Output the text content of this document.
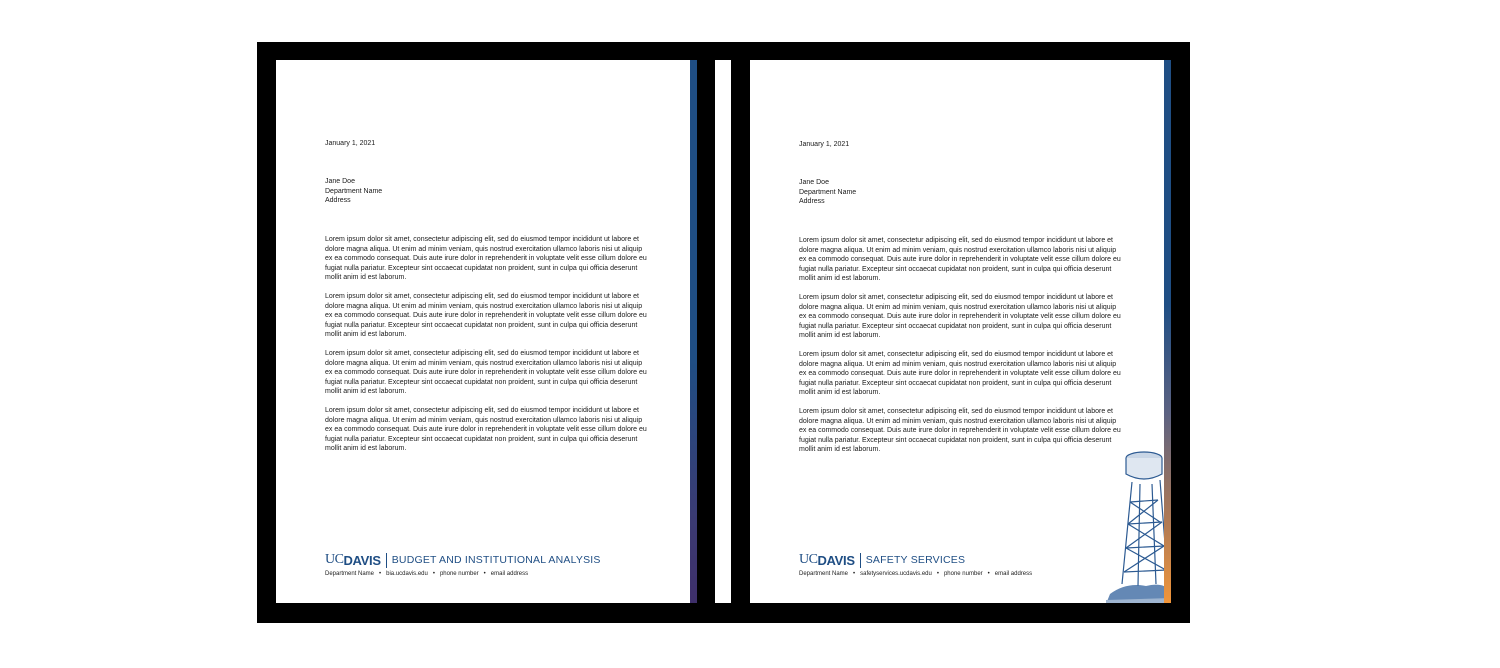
January 1, 2021
Jane Doe
Department Name
Address
Lorem ipsum dolor sit amet, consectetur adipiscing elit, sed do eiusmod tempor incididunt ut labore et dolore magna aliqua. Ut enim ad minim veniam, quis nostrud exercitation ullamco laboris nisi ut aliquip ex ea commodo consequat. Duis aute irure dolor in reprehenderit in voluptate velit esse cillum dolore eu fugiat nulla pariatur. Excepteur sint occaecat cupidatat non proident, sunt in culpa qui officia deserunt mollit anim id est laborum.
Lorem ipsum dolor sit amet, consectetur adipiscing elit, sed do eiusmod tempor incididunt ut labore et dolore magna aliqua. Ut enim ad minim veniam, quis nostrud exercitation ullamco laboris nisi ut aliquip ex ea commodo consequat. Duis aute irure dolor in reprehenderit in voluptate velit esse cillum dolore eu fugiat nulla pariatur. Excepteur sint occaecat cupidatat non proident, sunt in culpa qui officia deserunt mollit anim id est laborum.
Lorem ipsum dolor sit amet, consectetur adipiscing elit, sed do eiusmod tempor incididunt ut labore et dolore magna aliqua. Ut enim ad minim veniam, quis nostrud exercitation ullamco laboris nisi ut aliquip ex ea commodo consequat. Duis aute irure dolor in reprehenderit in voluptate velit esse cillum dolore eu fugiat nulla pariatur. Excepteur sint occaecat cupidatat non proident, sunt in culpa qui officia deserunt mollit anim id est laborum.
Lorem ipsum dolor sit amet, consectetur adipiscing elit, sed do eiusmod tempor incididunt ut labore et dolore magna aliqua. Ut enim ad minim veniam, quis nostrud exercitation ullamco laboris nisi ut aliquip ex ea commodo consequat. Duis aute irure dolor in reprehenderit in voluptate velit esse cillum dolore eu fugiat nulla pariatur. Excepteur sint occaecat cupidatat non proident, sunt in culpa qui officia deserunt mollit anim id est laborum.
UC DAVIS BUDGET AND INSTITUTIONAL ANALYSIS
Department Name • bia.ucdavis.edu • phone number • email address
January 1, 2021
Jane Doe
Department Name
Address
Lorem ipsum dolor sit amet, consectetur adipiscing elit, sed do eiusmod tempor incididunt ut labore et dolore magna aliqua. Ut enim ad minim veniam, quis nostrud exercitation ullamco laboris nisi ut aliquip ex ea commodo consequat. Duis aute irure dolor in reprehenderit in voluptate velit esse cillum dolore eu fugiat nulla pariatur. Excepteur sint occaecat cupidatat non proident, sunt in culpa qui officia deserunt mollit anim id est laborum.
Lorem ipsum dolor sit amet, consectetur adipiscing elit, sed do eiusmod tempor incididunt ut labore et dolore magna aliqua. Ut enim ad minim veniam, quis nostrud exercitation ullamco laboris nisi ut aliquip ex ea commodo consequat. Duis aute irure dolor in reprehenderit in voluptate velit esse cillum dolore eu fugiat nulla pariatur. Excepteur sint occaecat cupidatat non proident, sunt in culpa qui officia deserunt mollit anim id est laborum.
Lorem ipsum dolor sit amet, consectetur adipiscing elit, sed do eiusmod tempor incididunt ut labore et dolore magna aliqua. Ut enim ad minim veniam, quis nostrud exercitation ullamco laboris nisi ut aliquip ex ea commodo consequat. Duis aute irure dolor in reprehenderit in voluptate velit esse cillum dolore eu fugiat nulla pariatur. Excepteur sint occaecat cupidatat non proident, sunt in culpa qui officia deserunt mollit anim id est laborum.
Lorem ipsum dolor sit amet, consectetur adipiscing elit, sed do eiusmod tempor incididunt ut labore et dolore magna aliqua. Ut enim ad minim veniam, quis nostrud exercitation ullamco laboris nisi ut aliquip ex ea commodo consequat. Duis aute irure dolor in reprehenderit in voluptate velit esse cillum dolore eu fugiat nulla pariatur. Excepteur sint occaecat cupidatat non proident, sunt in culpa qui officia deserunt mollit anim id est laborum.
UC DAVIS SAFETY SERVICES
Department Name • safetyservices.ucdavis.edu • phone number • email address
